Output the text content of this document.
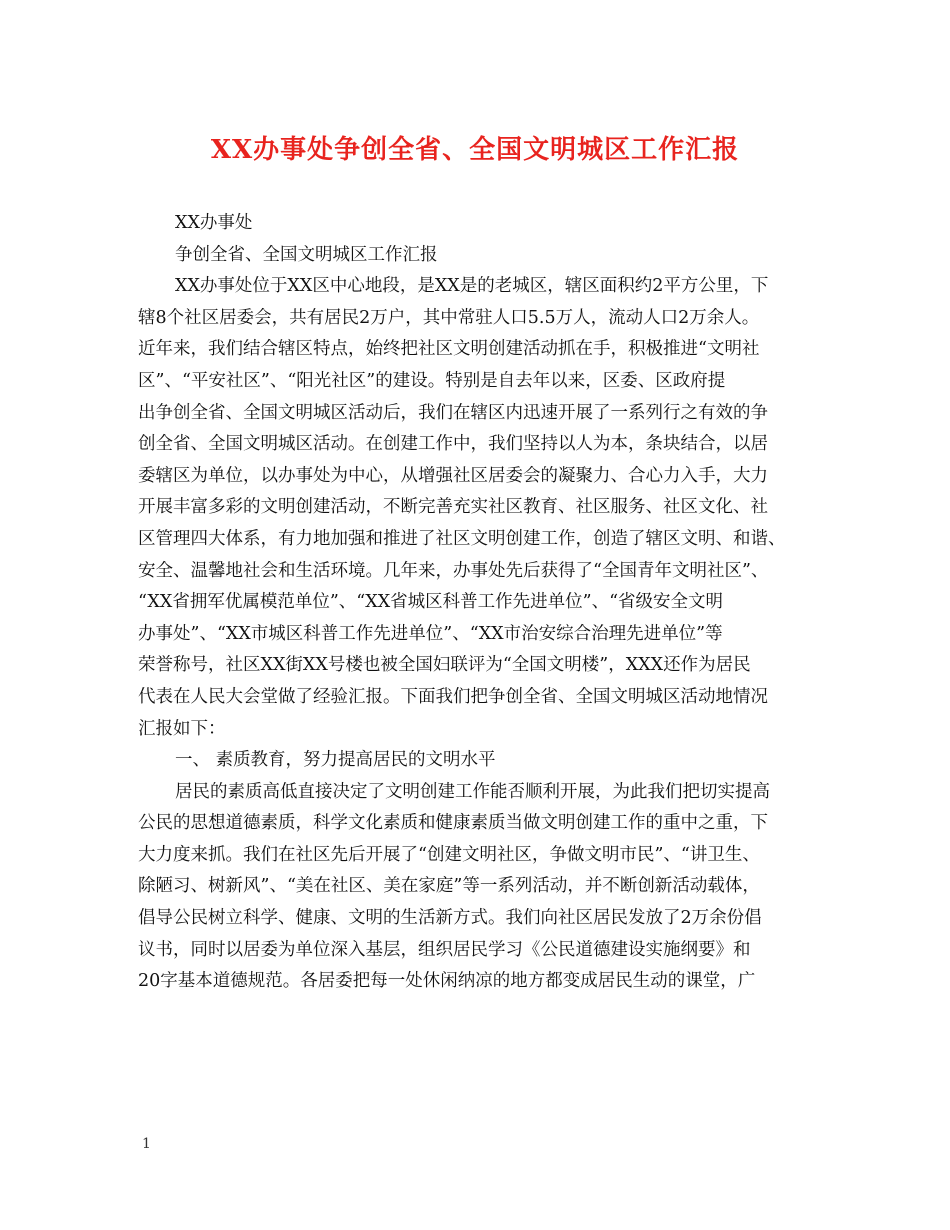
XX办事处争创全省、全国文明城区工作汇报
XX办事处
争创全省、全国文明城区工作汇报
XX办事处位于XX区中心地段，是XX是的老城区，辖区面积约2平方公里，下
辖8个社区居委会，共有居民2万户，其中常驻人口5.5万人，流动人口2万余人。
近年来，我们结合辖区特点，始终把社区文明创建活动抓在手，积极推进“文明社
区”、“平安社区”、“阳光社区”的建设。特别是自去年以来，区委、区政府提
出争创全省、全国文明城区活动后，我们在辖区内迅速开展了一系列行之有效的争
创全省、全国文明城区活动。在创建工作中，我们坚持以人为本，条块结合，以居
委辖区为单位，以办事处为中心，从增强社区居委会的凝聚力、合心力入手，大力
开展丰富多彩的文明创建活动，不断完善充实社区教育、社区服务、社区文化、社
区管理四大体系，有力地加强和推进了社区文明创建工作，创造了辖区文明、和谐、
安全、温馨地社会和生活环境。几年来，办事处先后获得了“全国青年文明社区”、
“XX省拥军优属模范单位”、“XX省城区科普工作先进单位”、“省级安全文明
办事处”、“XX市城区科普工作先进单位”、“XX市治安综合治理先进单位”等
荣誉称号，社区XX街XX号楼也被全国妇联评为“全国文明楼”，XXX还作为居民
代表在人民大会堂做了经验汇报。下面我们把争创全省、全国文明城区活动地情况
汇报如下：
一、 素质教育，努力提高居民的文明水平
居民的素质高低直接决定了文明创建工作能否顺利开展，为此我们把切实提高
公民的思想道德素质，科学文化素质和健康素质当做文明创建工作的重中之重，下
大力度来抓。我们在社区先后开展了“创建文明社区，争做文明市民”、“讲卫生、
除陋习、树新风”、“美在社区、美在家庭”等一系列活动，并不断创新活动载体，
倡导公民树立科学、健康、文明的生活新方式。我们向社区居民发放了2万余份倡
议书，同时以居委为单位深入基层，组织居民学习《公民道德建设实施纲要》和
20字基本道德规范。各居委把每一处休闲纳凉的地方都变成居民生动的课堂，广
1
